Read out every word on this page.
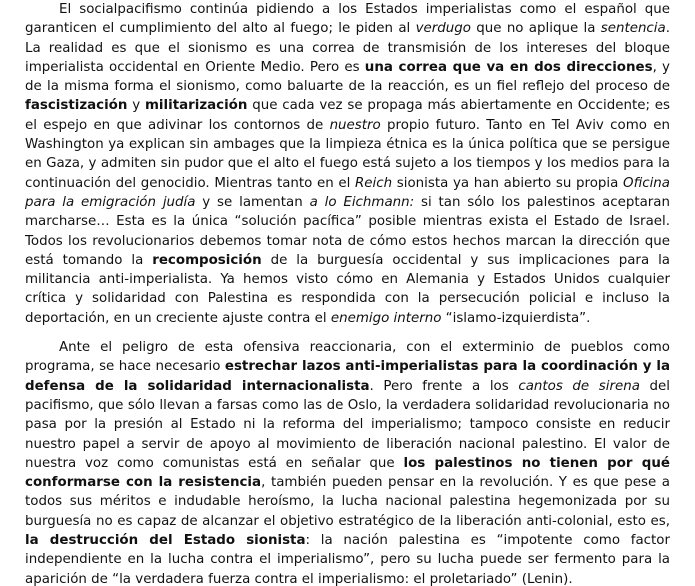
El socialpacifismo continúa pidiendo a los Estados imperialistas como el español que garanticen el cumplimiento del alto al fuego; le piden al verdugo que no aplique la sentencia. La realidad es que el sionismo es una correa de transmisión de los intereses del bloque imperialista occidental en Oriente Medio. Pero es una correa que va en dos direcciones, y de la misma forma el sionismo, como baluarte de la reacción, es un fiel reflejo del proceso de fascistización y militarización que cada vez se propaga más abiertamente en Occidente; es el espejo en que adivinar los contornos de nuestro propio futuro. Tanto en Tel Aviv como en Washington ya explican sin ambages que la limpieza étnica es la única política que se persigue en Gaza, y admiten sin pudor que el alto el fuego está sujeto a los tiempos y los medios para la continuación del genocidio. Mientras tanto en el Reich sionista ya han abierto su propia Oficina para la emigración judía y se lamentan a lo Eichmann: si tan sólo los palestinos aceptaran marcharse… Esta es la única “solución pacífica” posible mientras exista el Estado de Israel. Todos los revolucionarios debemos tomar nota de cómo estos hechos marcan la dirección que está tomando la recomposición de la burguesía occidental y sus implicaciones para la militancia anti-imperialista. Ya hemos visto cómo en Alemania y Estados Unidos cualquier crítica y solidaridad con Palestina es respondida con la persecución policial e incluso la deportación, en un creciente ajuste contra el enemigo interno “islamo-izquierdista”.

Ante el peligro de esta ofensiva reaccionaria, con el exterminio de pueblos como programa, se hace necesario estrechar lazos anti-imperialistas para la coordinación y la defensa de la solidaridad internacionalista. Pero frente a los cantos de sirena del pacifismo, que sólo llevan a farsas como las de Oslo, la verdadera solidaridad revolucionaria no pasa por la presión al Estado ni la reforma del imperialismo; tampoco consiste en reducir nuestro papel a servir de apoyo al movimiento de liberación nacional palestino. El valor de nuestra voz como comunistas está en señalar que los palestinos no tienen por qué conformarse con la resistencia, también pueden pensar en la revolución. Y es que pese a todos sus méritos e indudable heroísmo, la lucha nacional palestina hegemonizada por su burguesía no es capaz de alcanzar el objetivo estratégico de la liberación anti-colonial, esto es, la destrucción del Estado sionista: la nación palestina es “impotente como factor independiente en la lucha contra el imperialismo”, pero su lucha puede ser fermento para la aparición de “la verdadera fuerza contra el imperialismo: el proletariado” (Lenin).
